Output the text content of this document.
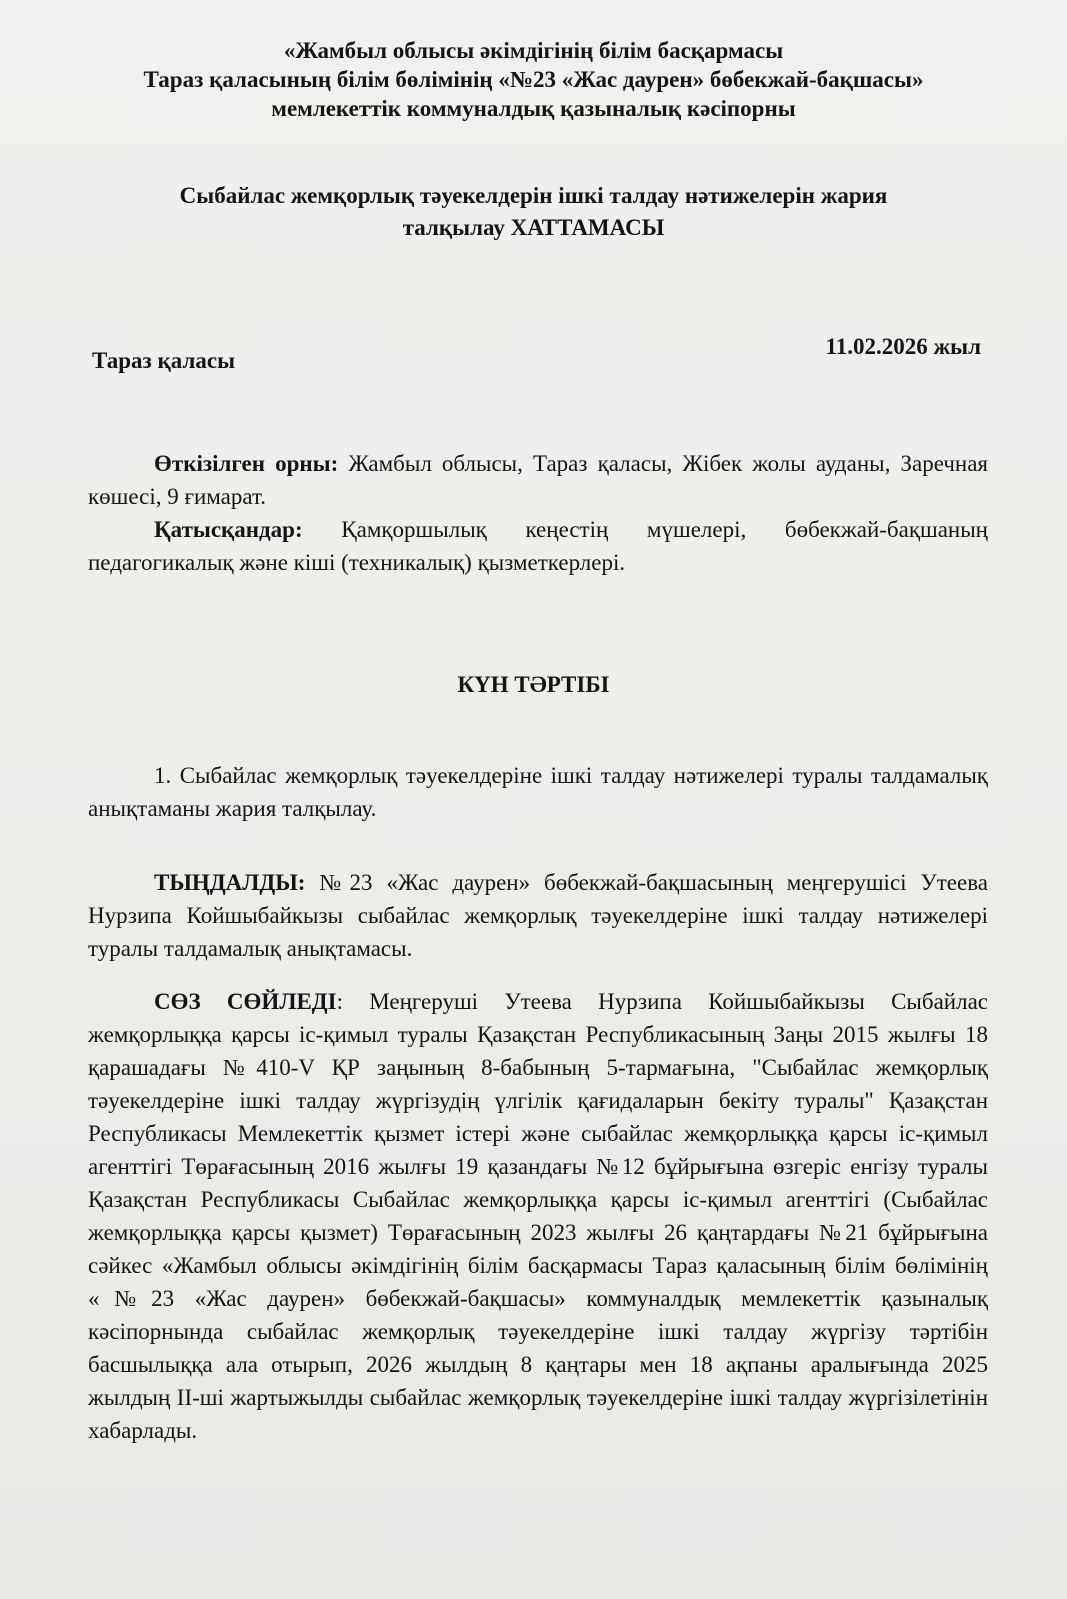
«Жамбыл облысы әкімдігінің білім басқармасы
Тараз қаласының білім бөлімінің «№23 «Жас даурен» бөбекжай-бақшасы»
мемлекеттік коммуналдық қазыналық кәсіпорны
Сыбайлас жемқорлық тәуекелдерін ішкі талдау нәтижелерін жария
талқылау ХАТТАМАСЫ
Тараз қаласы
11.02.2026 жыл

Өткізілген орны: Жамбыл облысы, Тараз қаласы, Жібек жолы ауданы, Заречная көшесі, 9 ғимарат.

Қатысқандар: Қамқоршылық кеңестің мүшелері, бөбекжай-бақшаның педагогикалық және кіші (техникалық) қызметкерлері.

КҮН ТӘРТІБІ

1. Сыбайлас жемқорлық тәуекелдеріне ішкі талдау нәтижелері туралы талдамалық анықтаманы жария талқылау.

ТЫҢДАЛДЫ: №23 «Жас даурен» бөбекжай-бақшасының меңгерушісі Утеева Нурзипа Койшыбайкызы сыбайлас жемқорлық тәуекелдеріне ішкі талдау нәтижелері туралы талдамалық анықтамасы.

СӨЗ СӨЙЛЕДІ: Меңгеруші Утеева Нурзипа Койшыбайкызы Сыбайлас жемқорлыққа қарсы іс-қимыл туралы Қазақстан Республикасының Заңы 2015 жылғы 18 қарашадағы №410-V ҚР заңының 8-бабының 5-тармағына, "Сыбайлас жемқорлық тәуекелдеріне ішкі талдау жүргізудің үлгілік қағидаларын бекіту туралы" Қазақстан Республикасы Мемлекеттік қызмет істері және сыбайлас жемқорлыққа қарсы іс-қимыл агенттігі Төрағасының 2016 жылғы 19 қазандағы №12 бұйрығына өзгеріс енгізу туралы Қазақстан Республикасы Сыбайлас жемқорлыққа қарсы іс-қимыл агенттігі (Сыбайлас жемқорлыққа қарсы қызмет) Төрағасының 2023 жылғы 26 қаңтардағы №21 бұйрығына сәйкес «Жамбыл облысы әкімдігінің білім басқармасы Тараз қаласының білім бөлімінің «№23 «Жас даурен» бөбекжай-бақшасы» коммуналдық мемлекеттік қазыналық кәсіпорнында сыбайлас жемқорлық тәуекелдеріне ішкі талдау жүргізу тәртібін басшылыққа ала отырып, 2026 жылдың 8 қаңтары мен 18 ақпаны аралығында 2025 жылдың ІІ-ші жартыжылды сыбайлас жемқорлық тәуекелдеріне ішкі талдау жүргізілетінін хабарлады.
